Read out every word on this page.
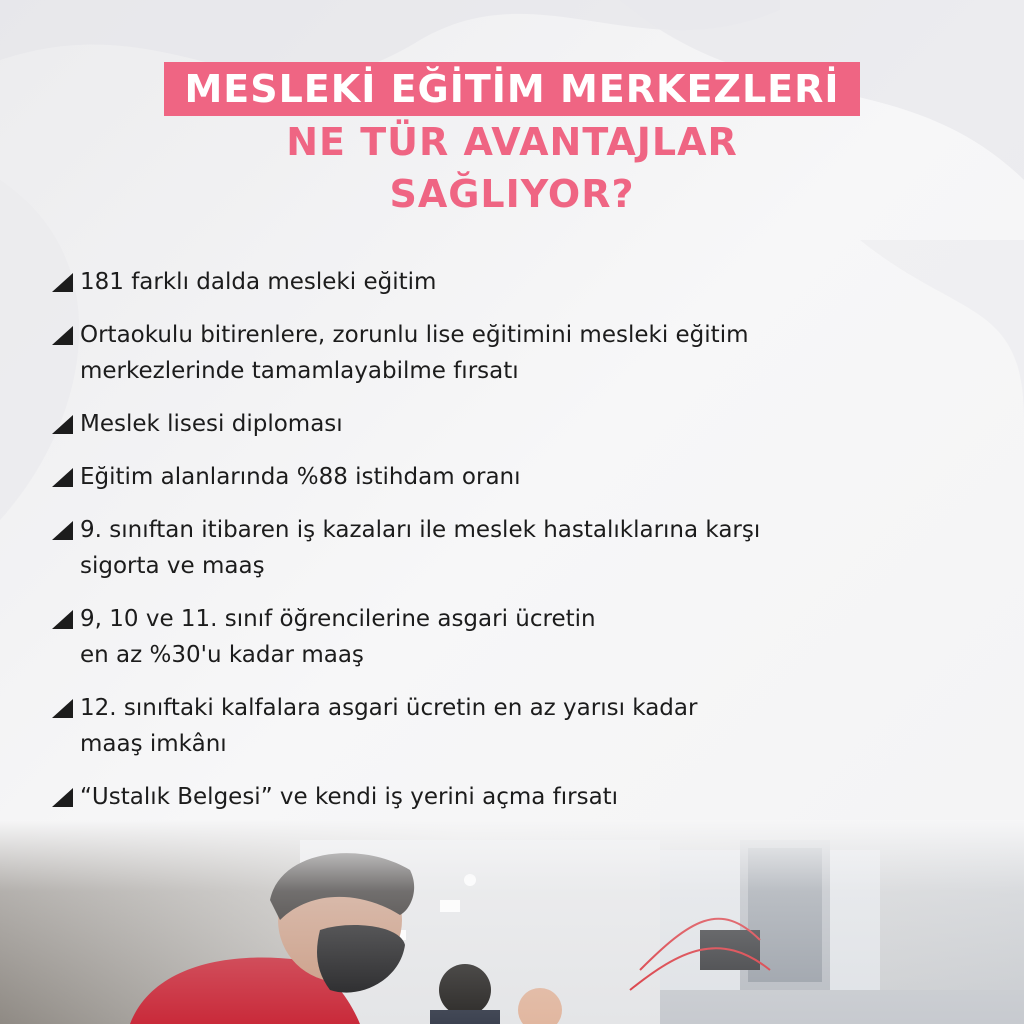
MESLEKİ EĞİTİM MERKEZLERİ
NE TÜR AVANTAJLAR
SAĞLIYOR?
181 farklı dalda mesleki eğitim
Ortaokulu bitirenlere, zorunlu lise eğitimini mesleki eğitim
merkezlerinde tamamlayabilme fırsatı
Meslek lisesi diploması
Eğitim alanlarında %88 istihdam oranı
9. sınıftan itibaren iş kazaları ile meslek hastalıklarına karşı
sigorta ve maaş
9, 10 ve 11. sınıf öğrencilerine asgari ücretin
en az %30'u kadar maaş
12. sınıftaki kalfalara asgari ücretin en az yarısı kadar
maaş imkânı
“Ustalık Belgesi” ve kendi iş yerini açma fırsatı
